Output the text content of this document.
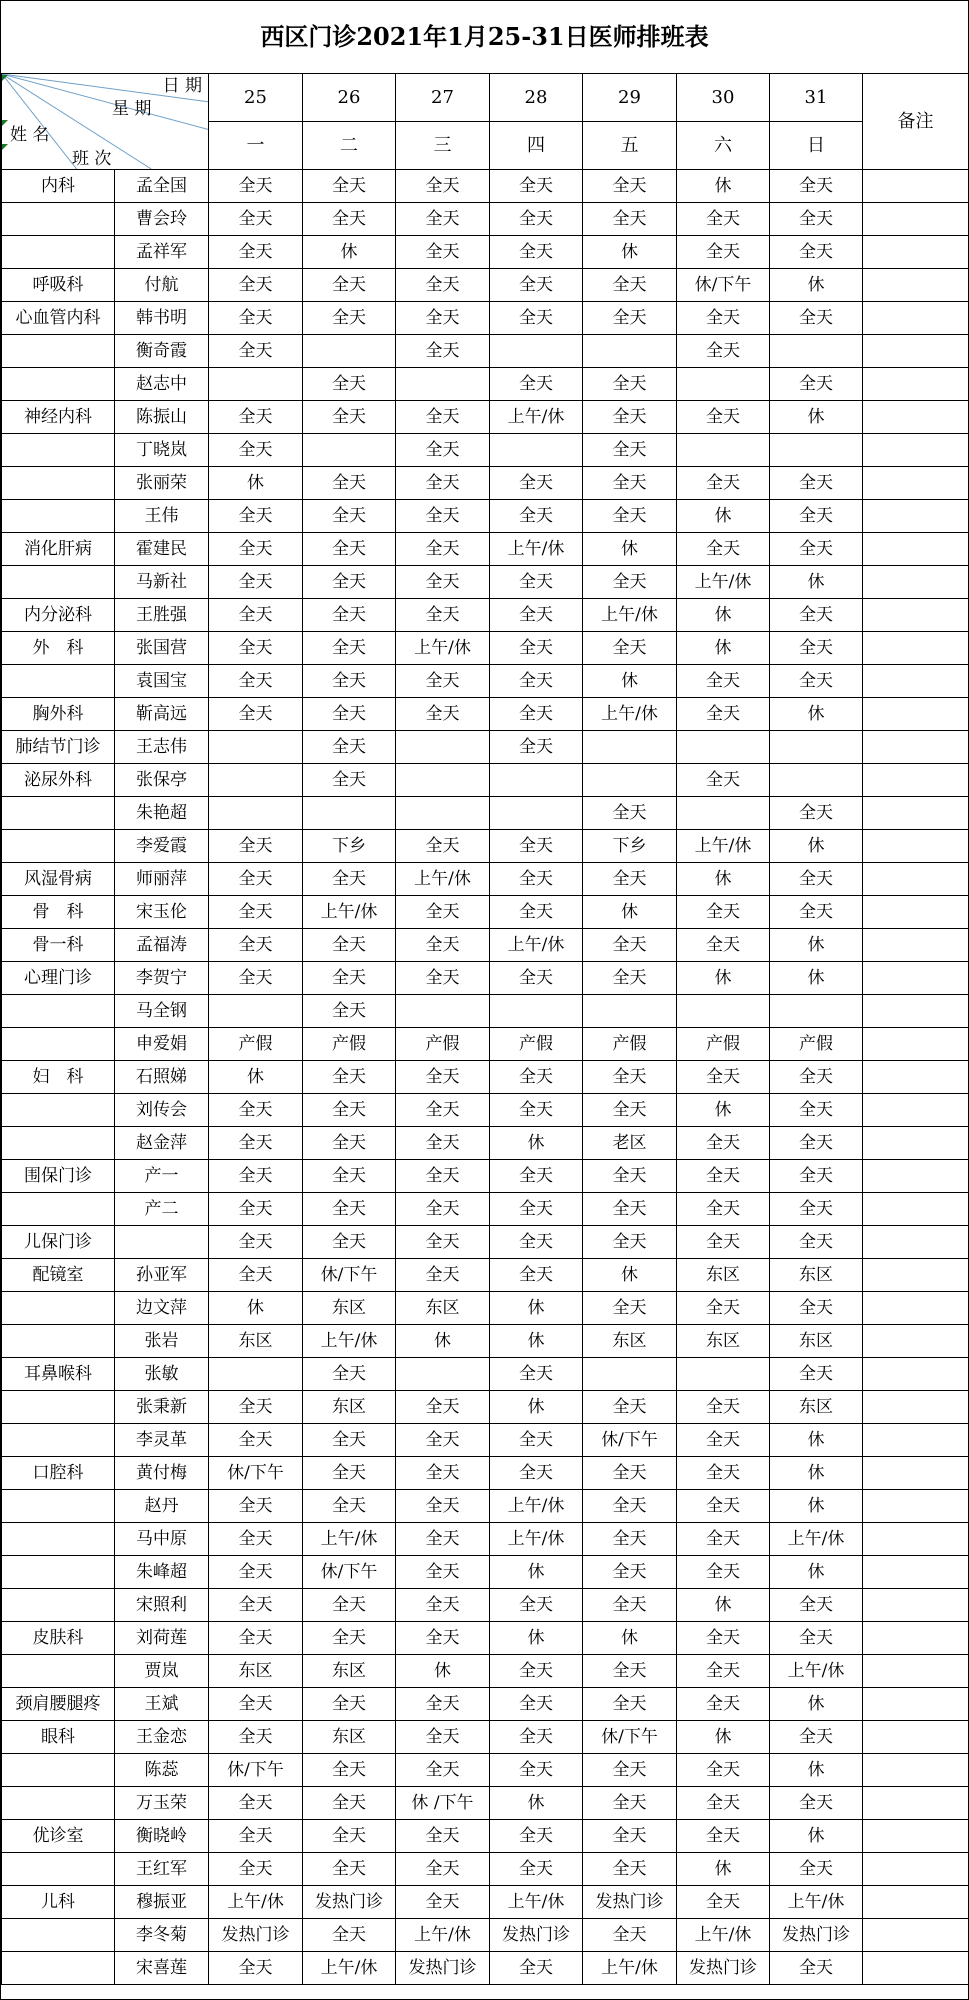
西区门诊2021年1月25-31日医师排班表
日 期
星 期
姓 名
班 次		25	26	27	28	29	30	31	备注
		一	二	三	四	五	六	日	
内科	孟全国	全天	全天	全天	全天	全天	休	全天	
	曹会玲	全天	全天	全天	全天	全天	全天	全天	
	孟祥军	全天	休	全天	全天	休	全天	全天	
呼吸科	付航	全天	全天	全天	全天	全天	休/下午	休	
心血管内科	韩书明	全天	全天	全天	全天	全天	全天	全天	
	衡奇霞	全天		全天			全天		
	赵志中		全天		全天	全天		全天	
神经内科	陈振山	全天	全天	全天	上午/休	全天	全天	休	
	丁晓岚	全天		全天		全天			
	张丽荣	休	全天	全天	全天	全天	全天	全天	
	王伟	全天	全天	全天	全天	全天	休	全天	
消化肝病	霍建民	全天	全天	全天	上午/休	休	全天	全天	
	马新社	全天	全天	全天	全天	全天	上午/休	休	
内分泌科	王胜强	全天	全天	全天	全天	上午/休	休	全天	
外　科	张国营	全天	全天	上午/休	全天	全天	休	全天	
	袁国宝	全天	全天	全天	全天	休	全天	全天	
胸外科	靳高远	全天	全天	全天	全天	上午/休	全天	休	
肺结节门诊	王志伟		全天		全天				
泌尿外科	张保亭		全天				全天		
	朱艳超					全天		全天	
	李爱霞	全天	下乡	全天	全天	下乡	上午/休	休	
风湿骨病	师丽萍	全天	全天	上午/休	全天	全天	休	全天	
骨　科	宋玉伦	全天	上午/休	全天	全天	休	全天	全天	
骨一科	孟福涛	全天	全天	全天	上午/休	全天	全天	休	
心理门诊	李贺宁	全天	全天	全天	全天	全天	休	休	
	马全钢		全天						
	申爱娟	产假	产假	产假	产假	产假	产假	产假	
妇　科	石照娣	休	全天	全天	全天	全天	全天	全天	
	刘传会	全天	全天	全天	全天	全天	休	全天	
	赵金萍	全天	全天	全天	休	老区	全天	全天	
围保门诊	产一	全天	全天	全天	全天	全天	全天	全天	
	产二	全天	全天	全天	全天	全天	全天	全天	
儿保门诊		全天	全天	全天	全天	全天	全天	全天	
配镜室	孙亚军	全天	休/下午	全天	全天	休	东区	东区	
	边文萍	休	东区	东区	休	全天	全天	全天	
	张岩	东区	上午/休	休	休	东区	东区	东区	
耳鼻喉科	张敏		全天		全天			全天	
	张秉新	全天	东区	全天	休	全天	全天	东区	
	李灵革	全天	全天	全天	全天	休/下午	全天	休	
口腔科	黄付梅	休/下午	全天	全天	全天	全天	全天	休	
	赵丹	全天	全天	全天	上午/休	全天	全天	休	
	马中原	全天	上午/休	全天	上午/休	全天	全天	上午/休	
	朱峰超	全天	休/下午	全天	休	全天	全天	休	
	宋照利	全天	全天	全天	全天	全天	休	全天	
皮肤科	刘荷莲	全天	全天	全天	休	休	全天	全天	
	贾岚	东区	东区	休	全天	全天	全天	上午/休	
颈肩腰腿疼	王斌	全天	全天	全天	全天	全天	全天	休	
眼科	王金恋	全天	东区	全天	全天	休/下午	休	全天	
	陈蕊	休/下午	全天	全天	全天	全天	全天	休	
	万玉荣	全天	全天	休 /下午	休	全天	全天	全天	
优诊室	衡晓岭	全天	全天	全天	全天	全天	全天	休	
	王红军	全天	全天	全天	全天	全天	休	全天	
儿科	穆振亚	上午/休	发热门诊	全天	上午/休	发热门诊	全天	上午/休	
	李冬菊	发热门诊	全天	上午/休	发热门诊	全天	上午/休	发热门诊	
	宋喜莲	全天	上午/休	发热门诊	全天	上午/休	发热门诊	全天	
